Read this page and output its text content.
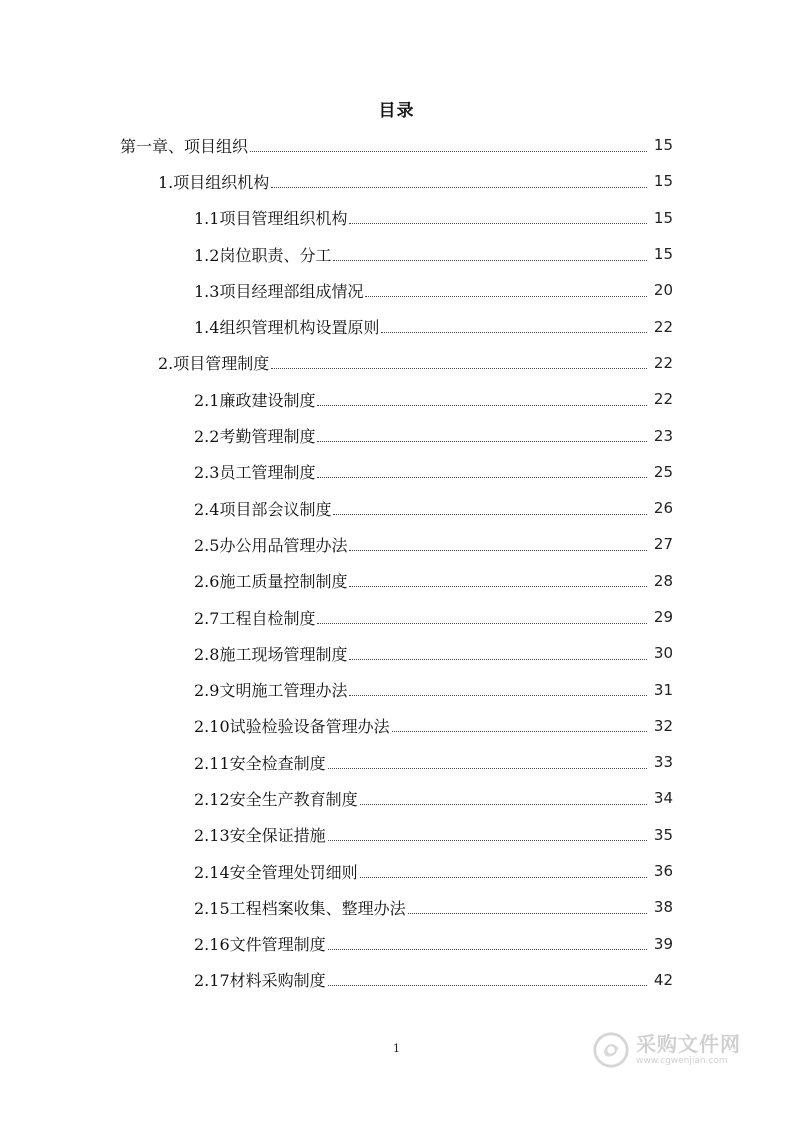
目录
第一章、项目组织	15
1.项目组织机构	15
1.1项目管理组织机构	15
1.2岗位职责、分工	15
1.3项目经理部组成情况	20
1.4组织管理机构设置原则	22
2.项目管理制度	22
2.1廉政建设制度	22
2.2考勤管理制度	23
2.3员工管理制度	25
2.4项目部会议制度	26
2.5办公用品管理办法	27
2.6施工质量控制制度	28
2.7工程自检制度	29
2.8施工现场管理制度	30
2.9文明施工管理办法	31
2.10试验检验设备管理办法	32
2.11安全检查制度	33
2.12安全生产教育制度	34
2.13安全保证措施	35
2.14安全管理处罚细则	36
2.15工程档案收集、整理办法	38
2.16文件管理制度	39
2.17材料采购制度	42
1	采购文件网
www.cgwenjian.com
